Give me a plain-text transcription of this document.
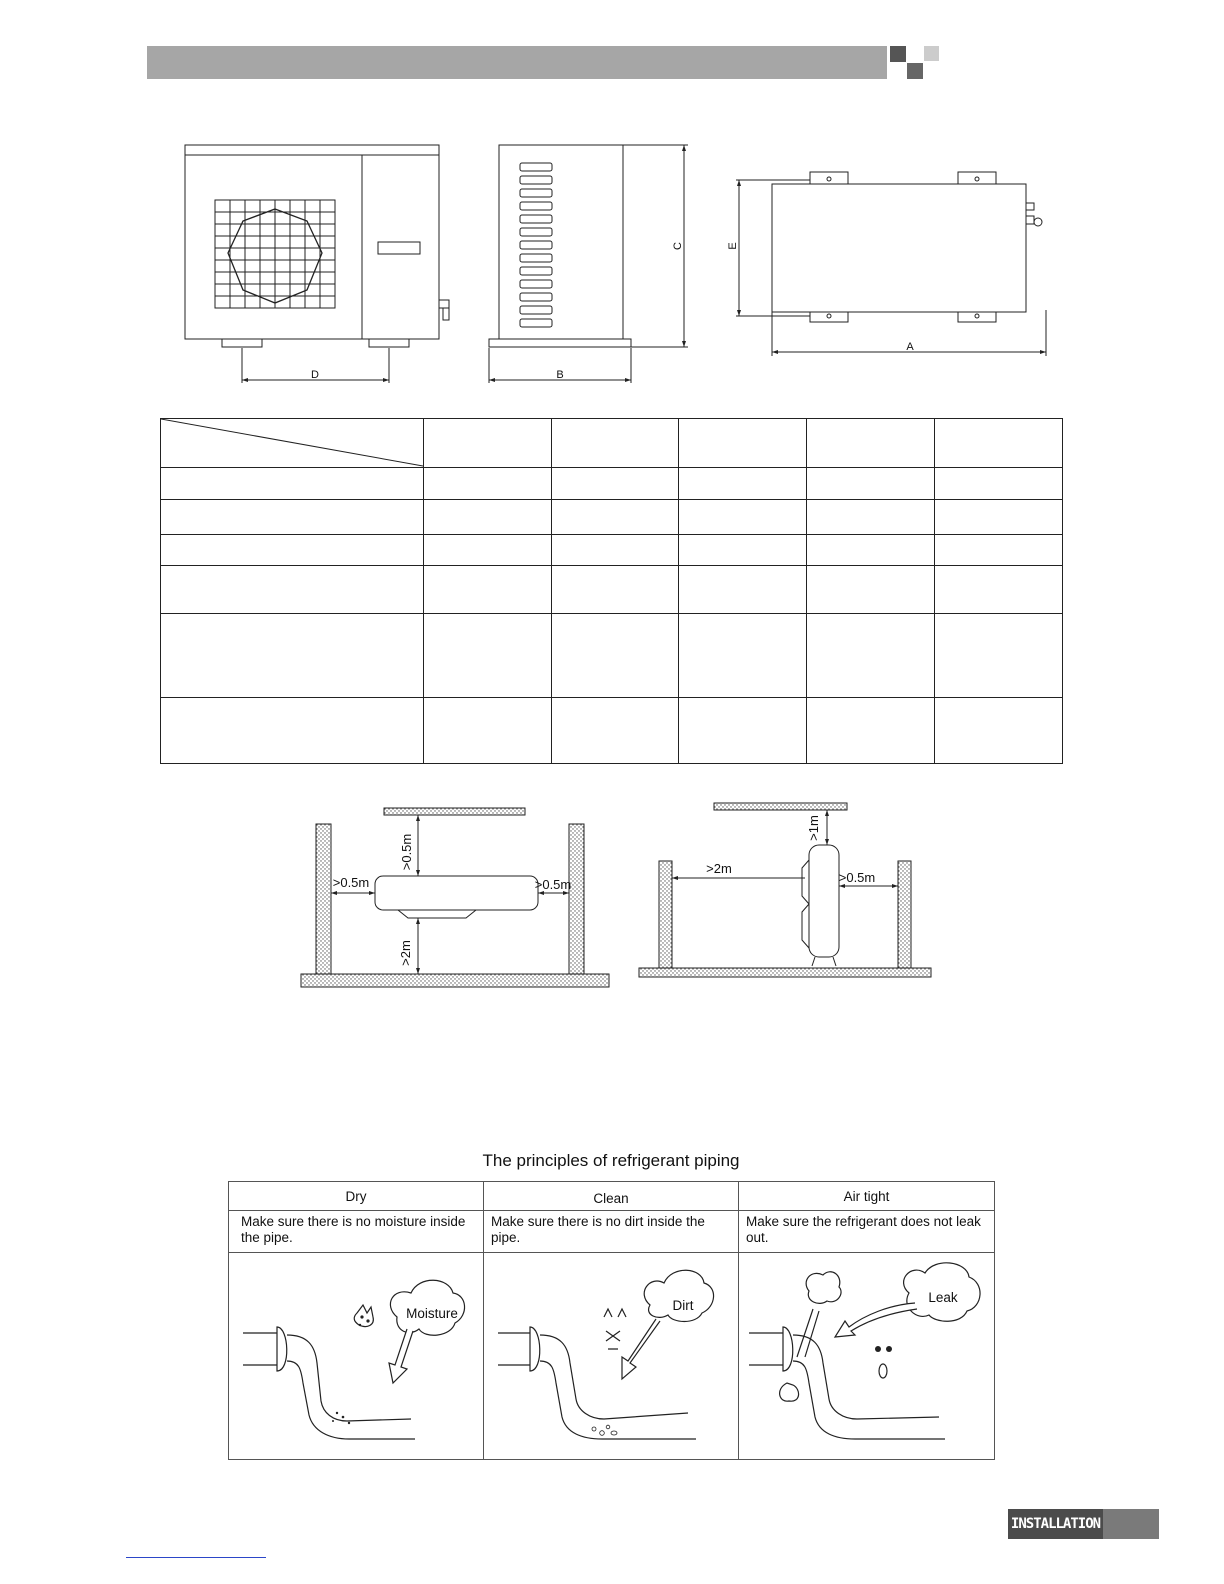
D	B
C	E
A

>0.5m
>0.5m	>0.5m
>2m
>1m
>2m
>0.5m
The principles of refrigerant piping
Dry	Clean	Air tight
Make sure there is no moisture inside the pipe.	Make sure there is no dirt inside the pipe.	Make sure the refrigerant does not leak out.

Moisture	Dirt	Leak
INSTALLATION
